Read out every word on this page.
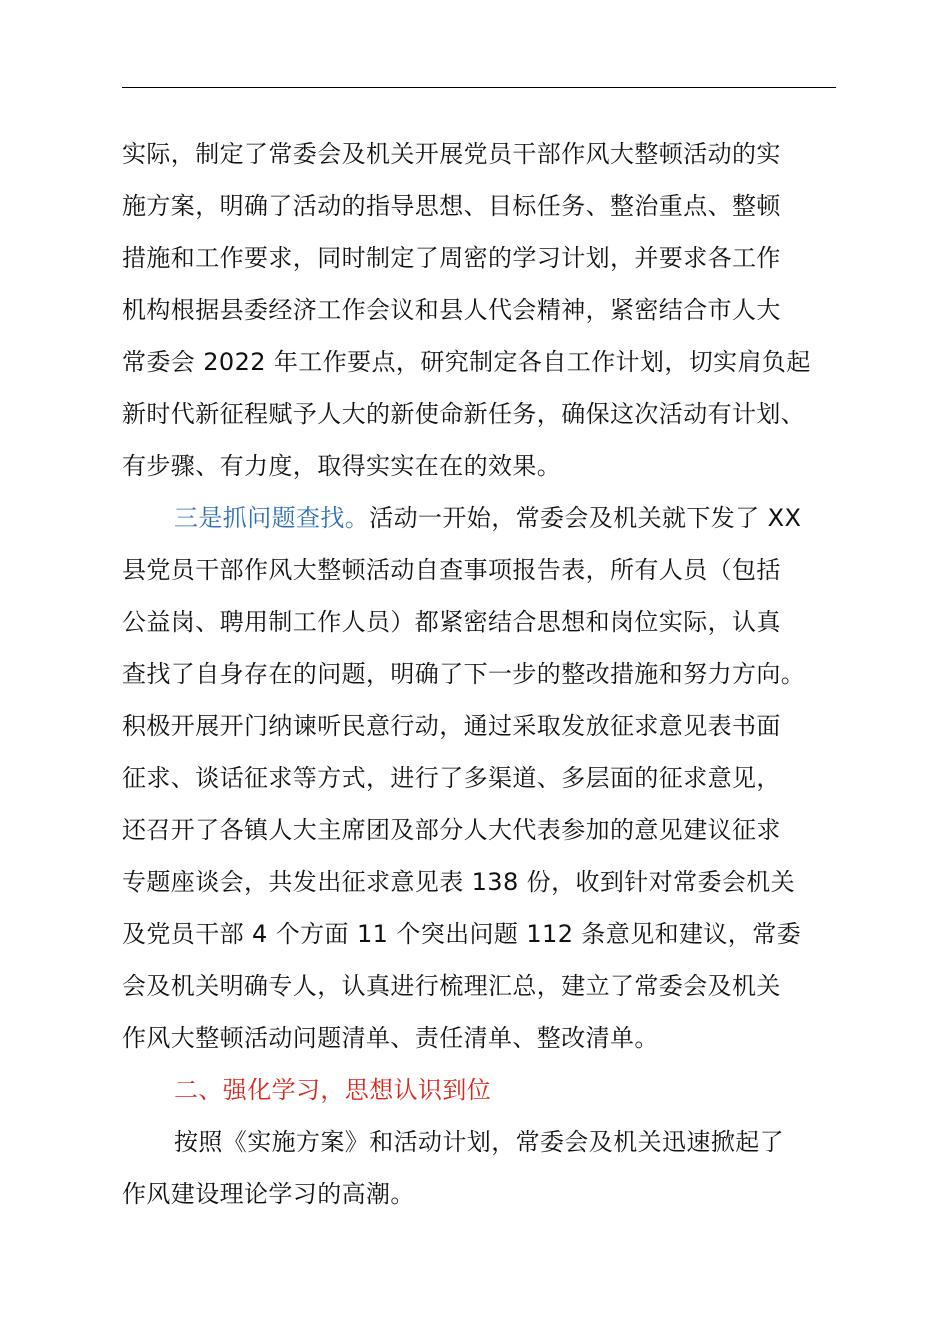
实际，制定了常委会及机关开展党员干部作风大整顿活动的实
施方案，明确了活动的指导思想、目标任务、整治重点、整顿
措施和工作要求，同时制定了周密的学习计划，并要求各工作
机构根据县委经济工作会议和县人代会精神，紧密结合市人大
常委会 2022 年工作要点，研究制定各自工作计划，切实肩负起
新时代新征程赋予人大的新使命新任务，确保这次活动有计划、
有步骤、有力度，取得实实在在的效果。
三是抓问题查找。活动一开始，常委会及机关就下发了 XX
县党员干部作风大整顿活动自查事项报告表，所有人员（包括
公益岗、聘用制工作人员）都紧密结合思想和岗位实际，认真
查找了自身存在的问题，明确了下一步的整改措施和努力方向。
积极开展开门纳谏听民意行动，通过采取发放征求意见表书面
征求、谈话征求等方式，进行了多渠道、多层面的征求意见，
还召开了各镇人大主席团及部分人大代表参加的意见建议征求
专题座谈会，共发出征求意见表 138 份，收到针对常委会机关
及党员干部 4 个方面 11 个突出问题 112 条意见和建议，常委
会及机关明确专人，认真进行梳理汇总，建立了常委会及机关
作风大整顿活动问题清单、责任清单、整改清单。
二、强化学习，思想认识到位
按照《实施方案》和活动计划，常委会及机关迅速掀起了
作风建设理论学习的高潮。
